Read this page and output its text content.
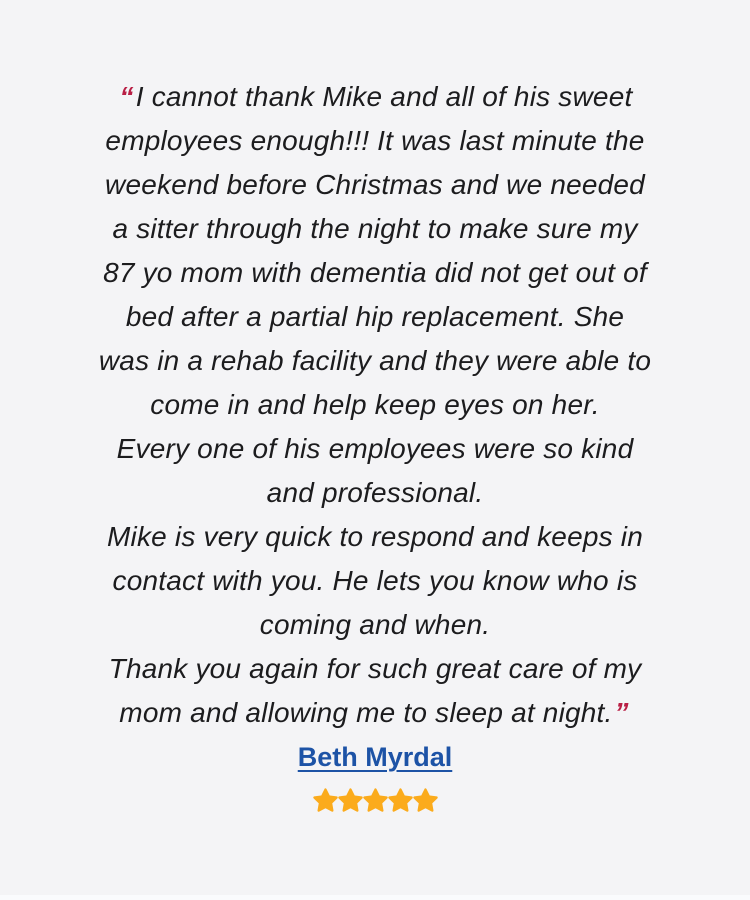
“I cannot thank Mike and all of his sweet
employees enough!!! It was last minute the
weekend before Christmas and we needed
a sitter through the night to make sure my
87 yo mom with dementia did not get out of
bed after a partial hip replacement. She
was in a rehab facility and they were able to
come in and help keep eyes on her.
Every one of his employees were so kind
and professional.
Mike is very quick to respond and keeps in
contact with you. He lets you know who is
coming and when.
Thank you again for such great care of my
mom and allowing me to sleep at night.”
Beth Myrdal
